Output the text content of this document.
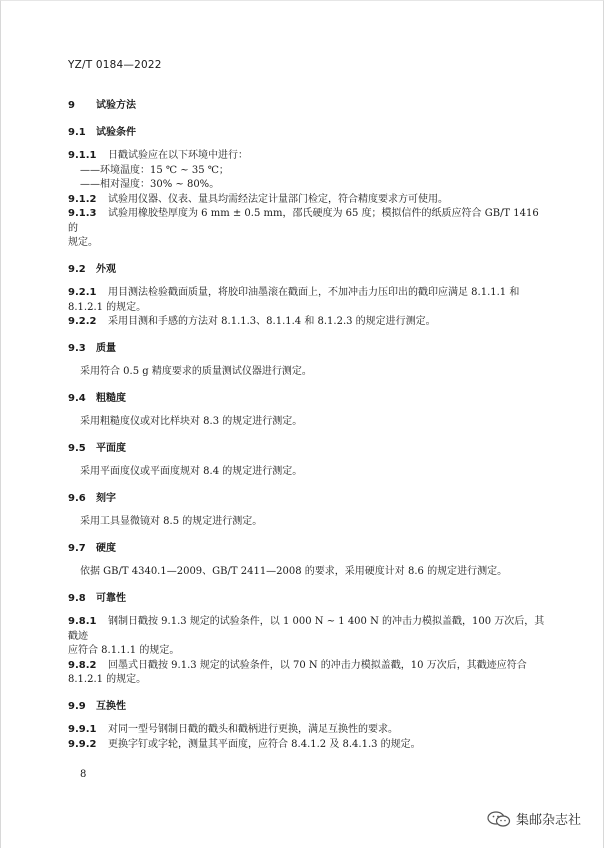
YZ/T 0184—2022
9 试验方法
9.1 试验条件

9.1.1 日戳试验应在以下环境中进行：

——环境温度：15 ℃ ~ 35 ℃；

——相对湿度：30% ~ 80%。

9.1.2 试验用仪器、仪表、量具均需经法定计量部门检定，符合精度要求方可使用。

9.1.3 试验用橡胶垫厚度为 6 mm ± 0.5 mm，邵氏硬度为 65 度；模拟信件的纸质应符合 GB/T 1416 的

规定。

9.2 外观

9.2.1 用目测法检验戳面质量，将胶印油墨滚在戳面上，不加冲击力压印出的戳印应满足 8.1.1.1 和

8.1.2.1 的规定。

9.2.2 采用目测和手感的方法对 8.1.1.3、8.1.1.4 和 8.1.2.3 的规定进行测定。

9.3 质量

采用符合 0.5 g 精度要求的质量测试仪器进行测定。

9.4 粗糙度

采用粗糙度仪或对比样块对 8.3 的规定进行测定。

9.5 平面度

采用平面度仪或平面度规对 8.4 的规定进行测定。

9.6 刻字

采用工具显微镜对 8.5 的规定进行测定。

9.7 硬度

依据 GB/T 4340.1—2009、GB/T 2411—2008 的要求，采用硬度计对 8.6 的规定进行测定。

9.8 可靠性

9.8.1 钢制日戳按 9.1.3 规定的试验条件，以 1 000 N ~ 1 400 N 的冲击力模拟盖戳，100 万次后，其戳迹

应符合 8.1.1.1 的规定。

9.8.2 回墨式日戳按 9.1.3 规定的试验条件，以 70 N 的冲击力模拟盖戳，10 万次后，其戳迹应符合

8.1.2.1 的规定。

9.9 互换性

9.9.1 对同一型号钢制日戳的戳头和戳柄进行更换，满足互换性的要求。

9.9.2 更换字钉或字轮，测量其平面度，应符合 8.4.1.2 及 8.4.1.3 的规定。

8
集邮杂志社
